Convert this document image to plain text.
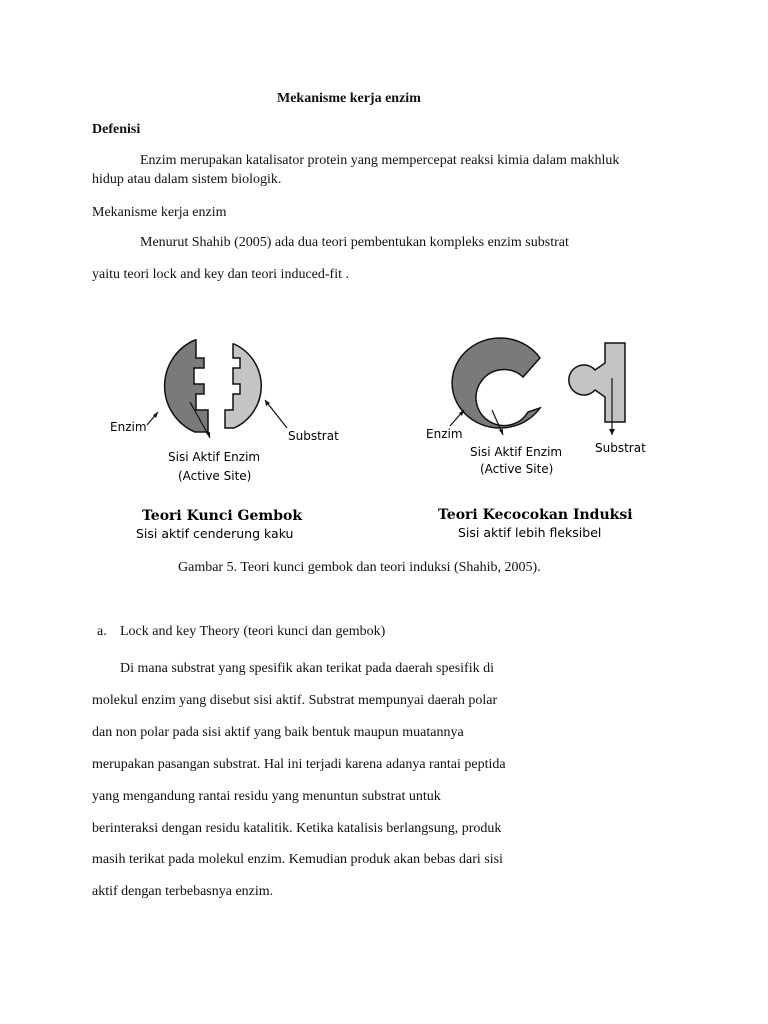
Mekanisme kerja enzim
Defenisi
Enzim merupakan katalisator protein yang mempercepat reaksi kimia dalam makhluk
hidup atau dalam sistem biologik.
Mekanisme kerja enzim
Menurut Shahib (2005) ada dua teori pembentukan kompleks enzim substrat
yaitu teori lock and key dan teori induced-fit .
Enzim
Substrat
Sisi Aktif Enzim
(Active Site)
Teori Kunci Gembok
Sisi aktif cenderung kaku
Enzim
Substrat
Sisi Aktif Enzim
(Active Site)
Teori Kecocokan Induksi
Sisi aktif lebih fleksibel
Gambar 5. Teori kunci gembok dan teori induksi (Shahib, 2005).
a. Lock and key Theory (teori kunci dan gembok)
Di mana substrat yang spesifik akan terikat pada daerah spesifik di
molekul enzim yang disebut sisi aktif. Substrat mempunyai daerah polar
dan non polar pada sisi aktif yang baik bentuk maupun muatannya
merupakan pasangan substrat. Hal ini terjadi karena adanya rantai peptida
yang mengandung rantai residu yang menuntun substrat untuk
berinteraksi dengan residu katalitik. Ketika katalisis berlangsung, produk
masih terikat pada molekul enzim. Kemudian produk akan bebas dari sisi
aktif dengan terbebasnya enzim.
